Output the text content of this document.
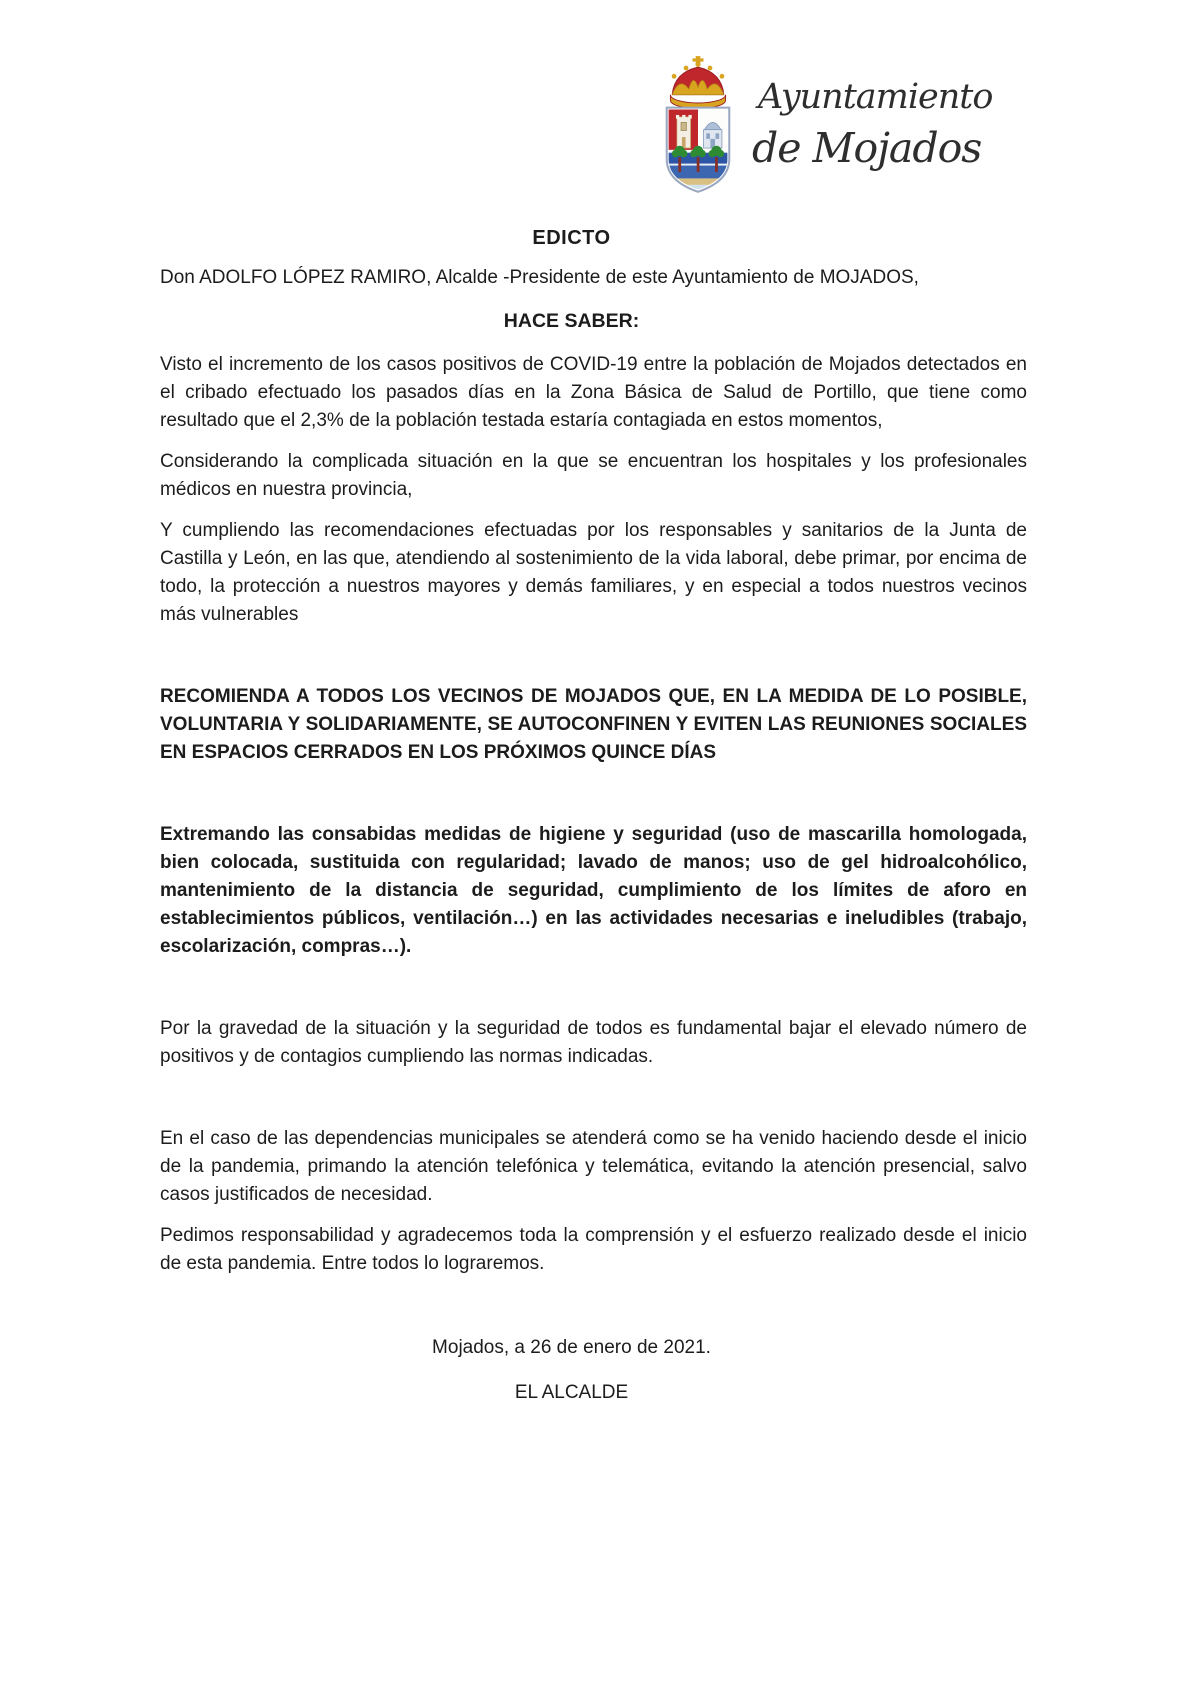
Ayuntamiento
de Mojados
EDICTO

Don ADOLFO LÓPEZ RAMIRO, Alcalde -Presidente de este Ayuntamiento de MOJADOS,

HACE SABER:

Visto el incremento de los casos positivos de COVID-19 entre la población de Mojados detectados en el cribado efectuado los pasados días en la Zona Básica de Salud de Portillo, que tiene como resultado que el 2,3% de la población testada estaría contagiada en estos momentos,

Considerando la complicada situación en la que se encuentran los hospitales y los profesionales médicos en nuestra provincia,

Y cumpliendo las recomendaciones efectuadas por los responsables y sanitarios de la Junta de Castilla y León, en las que, atendiendo al sostenimiento de la vida laboral, debe primar, por encima de todo, la protección a nuestros mayores y demás familiares, y en especial a todos nuestros vecinos más vulnerables

RECOMIENDA A TODOS LOS VECINOS DE MOJADOS QUE, EN LA MEDIDA DE LO POSIBLE, VOLUNTARIA Y SOLIDARIAMENTE, SE AUTOCONFINEN Y EVITEN LAS REUNIONES SOCIALES EN ESPACIOS CERRADOS EN LOS PRÓXIMOS QUINCE DÍAS

Extremando las consabidas medidas de higiene y seguridad (uso de mascarilla homologada, bien colocada, sustituida con regularidad; lavado de manos; uso de gel hidroalcohólico, mantenimiento de la distancia de seguridad, cumplimiento de los límites de aforo en establecimientos públicos, ventilación…) en las actividades necesarias e ineludibles (trabajo, escolarización, compras…).

Por la gravedad de la situación y la seguridad de todos es fundamental bajar el elevado número de positivos y de contagios cumpliendo las normas indicadas.

En el caso de las dependencias municipales se atenderá como se ha venido haciendo desde el inicio de la pandemia, primando la atención telefónica y telemática, evitando la atención presencial, salvo casos justificados de necesidad.

Pedimos responsabilidad y agradecemos toda la comprensión y el esfuerzo realizado desde el inicio de esta pandemia. Entre todos lo lograremos.

Mojados, a 26 de enero de 2021.

EL ALCALDE
